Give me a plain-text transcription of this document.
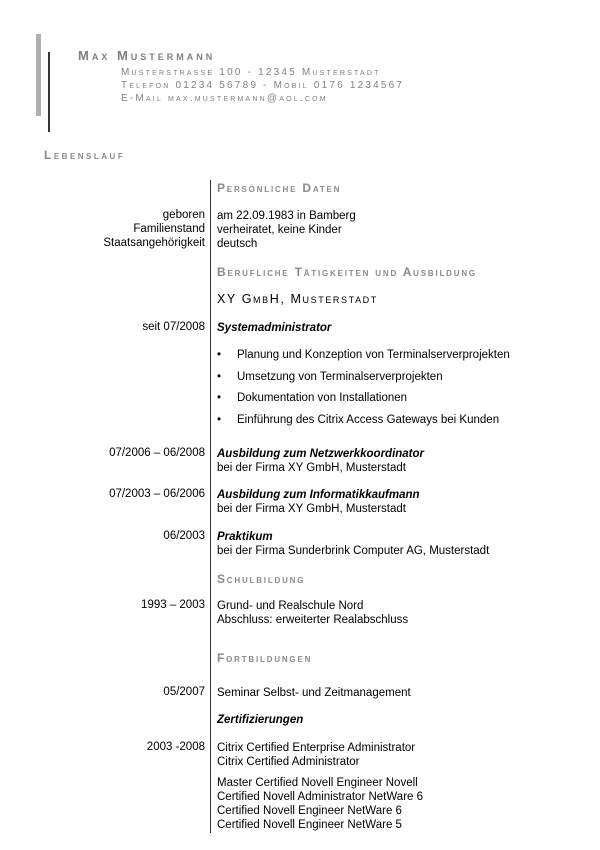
Max Mustermann
Musterstrasse 100 - 12345 Musterstadt
Telefon 01234 56789 - Mobil 0176 1234567
E-Mail max.mustermann@aol.com
Lebenslauf
Persönliche Daten
geboren am 22.09.1983 in Bamberg
Familienstand verheiratet, keine Kinder
Staatsangehörigkeit deutsch
Berufliche Tätigkeiten und Ausbildung
XY GmbH, Musterstadt
seit 07/2008 Systemadministrator
• Planung und Konzeption von Terminalserverprojekten
• Umsetzung von Terminalserverprojekten
• Dokumentation von Installationen
• Einführung des Citrix Access Gateways bei Kunden
07/2006 – 06/2008 Ausbildung zum Netzwerkkoordinator
bei der Firma XY GmbH, Musterstadt
07/2003 – 06/2006 Ausbildung zum Informatikkaufmann
bei der Firma XY GmbH, Musterstadt
06/2003 Praktikum
bei der Firma Sunderbrink Computer AG, Musterstadt
Schulbildung
1993 – 2003 Grund- und Realschule Nord
Abschluss: erweiterter Realabschluss
Fortbildungen
05/2007 Seminar Selbst- und Zeitmanagement
Zertifizierungen
2003 -2008 Citrix Certified Enterprise Administrator
Citrix Certified Administrator
Master Certified Novell Engineer Novell
Certified Novell Administrator NetWare 6
Certified Novell Engineer NetWare 6
Certified Novell Engineer NetWare 5
